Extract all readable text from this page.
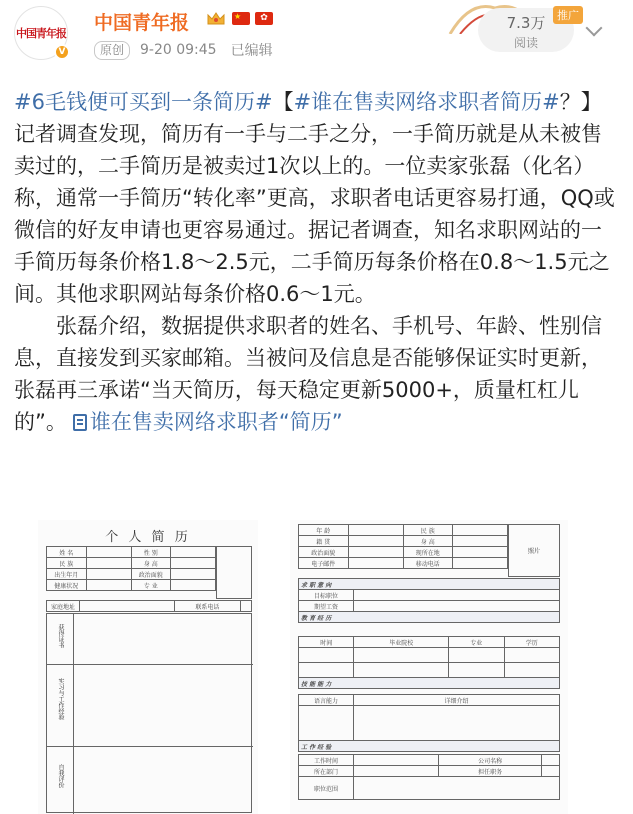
中国青年报
V
中国青年报	★	✿
原创	9-20 09:45 已编辑
7.3万
阅读
推广

#6毛钱便可买到一条简历#【#谁在售卖网络求职者简历#？】记者调查发现，简历有一手与二手之分，一手简历就是从未被售卖过的，二手简历是被卖过1次以上的。一位卖家张磊（化名）称，通常一手简历“转化率”更高，求职者电话更容易打通，QQ或微信的好友申请也更容易通过。据记者调查，知名求职网站的一手简历每条价格1.8～2.5元，二手简历每条价格在0.8～1.5元之间。其他求职网站每条价格0.6～1元。

张磊介绍，数据提供求职者的姓名、手机号、年龄、性别信息，直接发到买家邮箱。当被问及信息是否能够保证实时更新，张磊再三承诺“当天简历，每天稳定更新5000+，质量杠杠儿的”。 谁在售卖网络求职者“简历”

个 人 简 历
姓 名		性 别	
民 族		身 高	
出生年月		政治面貌	
健康状况		专 业	
家庭地址		联系电话	
获得证书
实习与工作经验
自我评价
年 龄		民 族	
籍 贯		身 高	
政治面貌		现所在地	
电子邮件		移动电话	
照片
求 职 意 向	
目标职位	
期望工资	
教 育 经 历	
时间	毕业院校	专业	学历

技 能 能 力			
语言能力	详细介绍

工 作 经 验	
工作时间		公司名称	
所在部门		担任职务	
职位范围			
